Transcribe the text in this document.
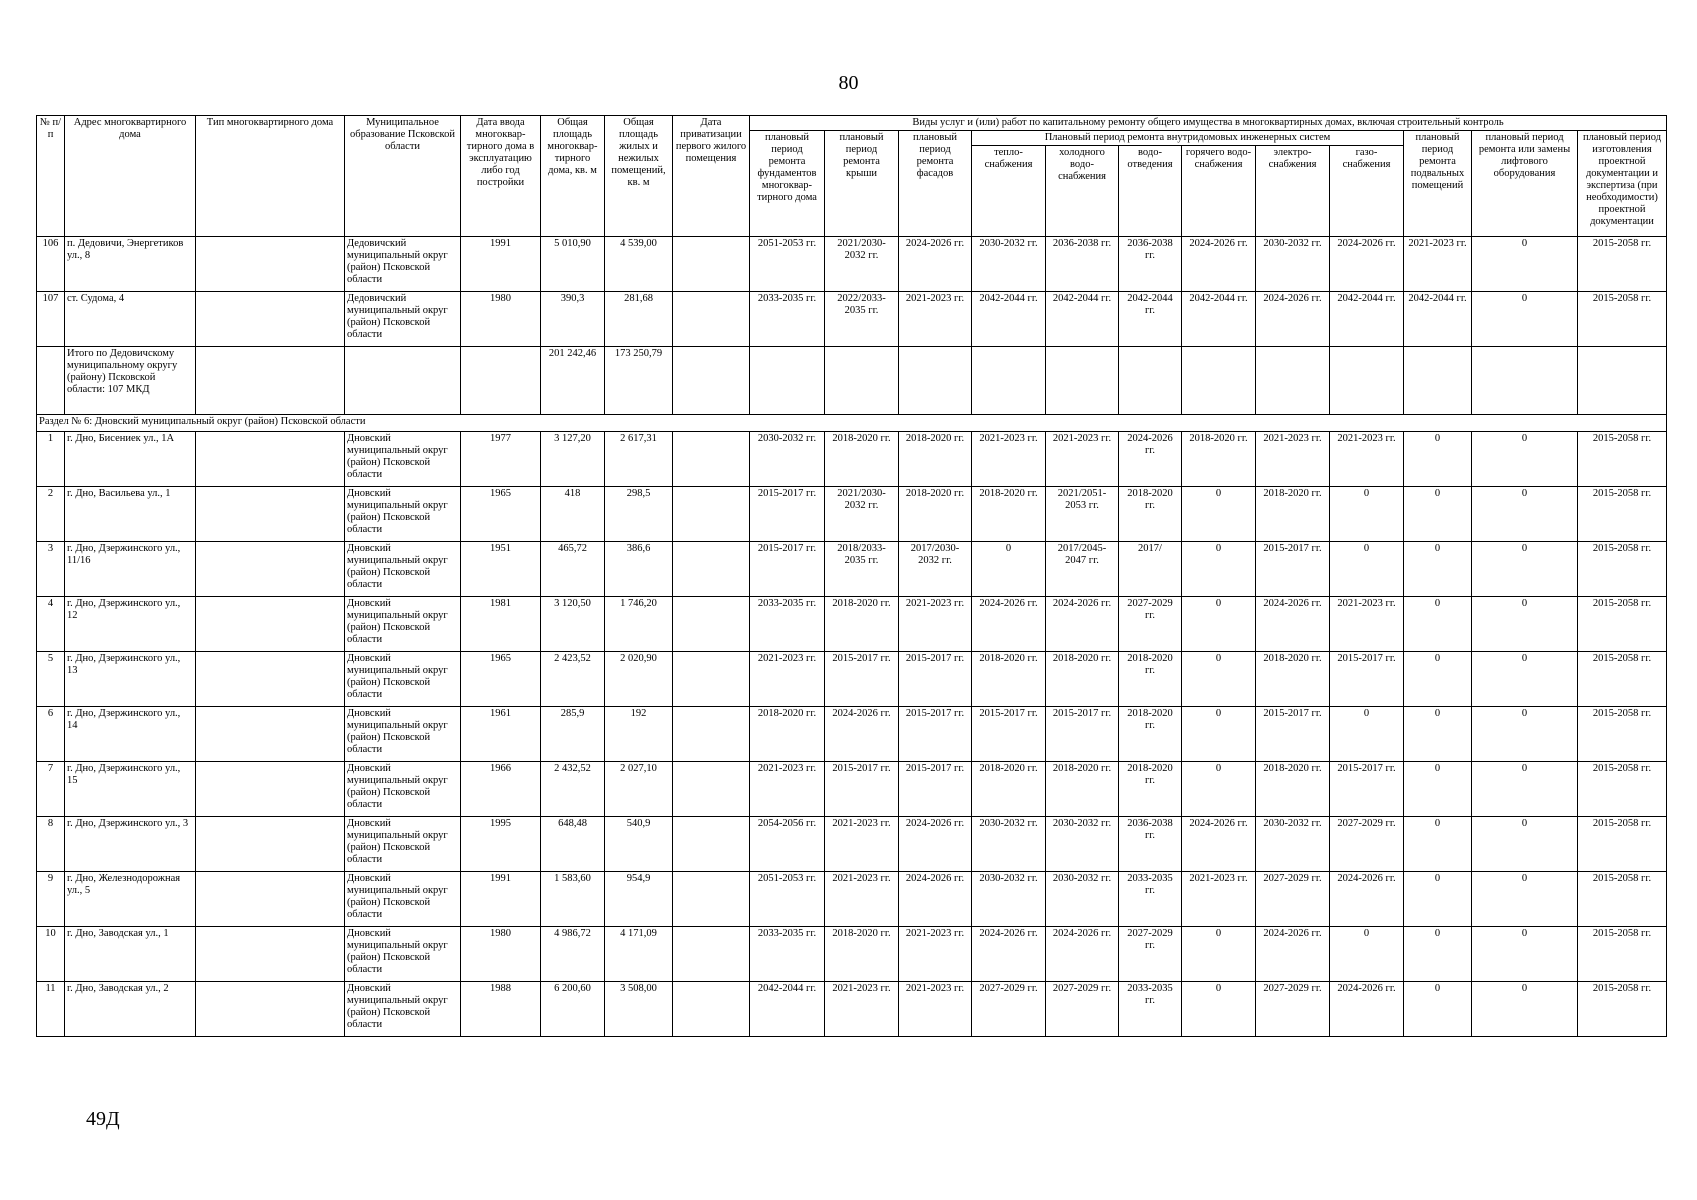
80
№ п/п	Адрес многоквартирного дома	Тип многоквартирного дома	Муниципальное образование Псковской области	Дата ввода многоквар-тирного дома в эксплуатацию либо год постройки	Общая площадь многоквар-тирного дома, кв. м	Общая площадь жилых и нежилых помещений, кв. м	Дата приватизации первого жилого помещения	Виды услуг и (или) работ по капитальному ремонту общего имущества в многоквартирных домах, включая строительный контроль											
								плановый период ремонта фундаментов многоквар-тирного дома	плановый период ремонта крыши	плановый период ремонта фасадов	Плановый период ремонта внутридомовых инженерных систем						плановый период ремонта подвальных помещений	плановый период ремонта или замены лифтового оборудования	плановый период изготовления проектной документации и экспертиза (при необходимости) проектной документации
											тепло-снабжения	холодного водо-снабжения	водо-отведения	горячего водо-снабжения	электро-снабжения	газо-снабжения			
106	п. Дедовичи, Энергетиков ул., 8		Дедовичский муниципальный округ (район) Псковской области	1991	5 010,90	4 539,00		2051-2053 гг.	2021/2030-2032 гг.	2024-2026 гг.	2030-2032 гг.	2036-2038 гг.	2036-2038 гг.	2024-2026 гг.	2030-2032 гг.	2024-2026 гг.	2021-2023 гг.	0	2015-2058 гг.
107	ст. Судома, 4		Дедовичский муниципальный округ (район) Псковской области	1980	390,3	281,68		2033-2035 гг.	2022/2033-2035 гг.	2021-2023 гг.	2042-2044 гг.	2042-2044 гг.	2042-2044 гг.	2042-2044 гг.	2024-2026 гг.	2042-2044 гг.	2042-2044 гг.	0	2015-2058 гг.
	Итого по Дедовичскому муниципальному округу (району) Псковской области: 107 МКД				201 242,46	173 250,79													
Раздел № 6: Дновский муниципальный округ (район) Псковской области																			
1	г. Дно, Бисениек ул., 1А		Дновский муниципальный округ (район) Псковской области	1977	3 127,20	2 617,31		2030-2032 гг.	2018-2020 гг.	2018-2020 гг.	2021-2023 гг.	2021-2023 гг.	2024-2026 гг.	2018-2020 гг.	2021-2023 гг.	2021-2023 гг.	0	0	2015-2058 гг.
2	г. Дно, Васильева ул., 1		Дновский муниципальный округ (район) Псковской области	1965	418	298,5		2015-2017 гг.	2021/2030-2032 гг.	2018-2020 гг.	2018-2020 гг.	2021/2051-2053 гг.	2018-2020 гг.	0	2018-2020 гг.	0	0	0	2015-2058 гг.
3	г. Дно, Дзержинского ул., 11/16		Дновский муниципальный округ (район) Псковской области	1951	465,72	386,6		2015-2017 гг.	2018/2033-2035 гг.	2017/2030-2032 гг.	0	2017/2045-2047 гг.	2017/	0	2015-2017 гг.	0	0	0	2015-2058 гг.
4	г. Дно, Дзержинского ул., 12		Дновский муниципальный округ (район) Псковской области	1981	3 120,50	1 746,20		2033-2035 гг.	2018-2020 гг.	2021-2023 гг.	2024-2026 гг.	2024-2026 гг.	2027-2029 гг.	0	2024-2026 гг.	2021-2023 гг.	0	0	2015-2058 гг.
5	г. Дно, Дзержинского ул., 13		Дновский муниципальный округ (район) Псковской области	1965	2 423,52	2 020,90		2021-2023 гг.	2015-2017 гг.	2015-2017 гг.	2018-2020 гг.	2018-2020 гг.	2018-2020 гг.	0	2018-2020 гг.	2015-2017 гг.	0	0	2015-2058 гг.
6	г. Дно, Дзержинского ул., 14		Дновский муниципальный округ (район) Псковской области	1961	285,9	192		2018-2020 гг.	2024-2026 гг.	2015-2017 гг.	2015-2017 гг.	2015-2017 гг.	2018-2020 гг.	0	2015-2017 гг.	0	0	0	2015-2058 гг.
7	г. Дно, Дзержинского ул., 15		Дновский муниципальный округ (район) Псковской области	1966	2 432,52	2 027,10		2021-2023 гг.	2015-2017 гг.	2015-2017 гг.	2018-2020 гг.	2018-2020 гг.	2018-2020 гг.	0	2018-2020 гг.	2015-2017 гг.	0	0	2015-2058 гг.
8	г. Дно, Дзержинского ул., 3		Дновский муниципальный округ (район) Псковской области	1995	648,48	540,9		2054-2056 гг.	2021-2023 гг.	2024-2026 гг.	2030-2032 гг.	2030-2032 гг.	2036-2038 гг.	2024-2026 гг.	2030-2032 гг.	2027-2029 гг.	0	0	2015-2058 гг.
9	г. Дно, Железнодорожная ул., 5		Дновский муниципальный округ (район) Псковской области	1991	1 583,60	954,9		2051-2053 гг.	2021-2023 гг.	2024-2026 гг.	2030-2032 гг.	2030-2032 гг.	2033-2035 гг.	2021-2023 гг.	2027-2029 гг.	2024-2026 гг.	0	0	2015-2058 гг.
10	г. Дно, Заводская ул., 1		Дновский муниципальный округ (район) Псковской области	1980	4 986,72	4 171,09		2033-2035 гг.	2018-2020 гг.	2021-2023 гг.	2024-2026 гг.	2024-2026 гг.	2027-2029 гг.	0	2024-2026 гг.	0	0	0	2015-2058 гг.
11	г. Дно, Заводская ул., 2		Дновский муниципальный округ (район) Псковской области	1988	6 200,60	3 508,00		2042-2044 гг.	2021-2023 гг.	2021-2023 гг.	2027-2029 гг.	2027-2029 гг.	2033-2035 гг.	0	2027-2029 гг.	2024-2026 гг.	0	0	2015-2058 гг.
49Д
